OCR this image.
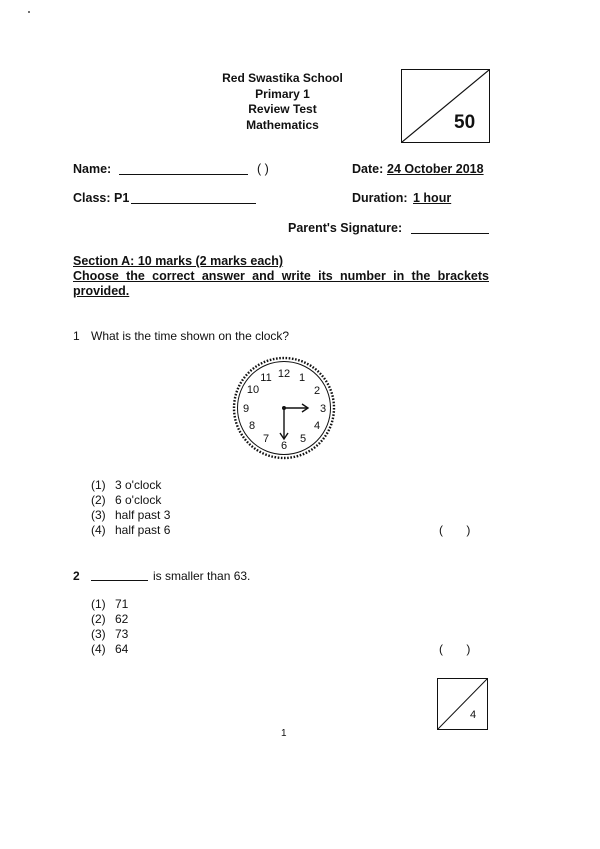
Red Swastika School
Primary 1
Review Test
Mathematics	50
Name:	( )	Date: 24 October 2018
Class: P1	Duration: 1 hour
Parent's Signature:
Section A: 10 marks (2 marks each)
Choose the correct answer and write its number in the brackets provided.
1 What is the time shown on the clock?
12 1
2
3
4
5
6
7
8
9
10
11
(1) 3 o'clock
(2) 6 o'clock
(3) half past 3
(4) half past 6	(       )
2	is smaller than 63.
(1) 71
(2) 62
(3) 73
(4) 64	(       )
4
1
